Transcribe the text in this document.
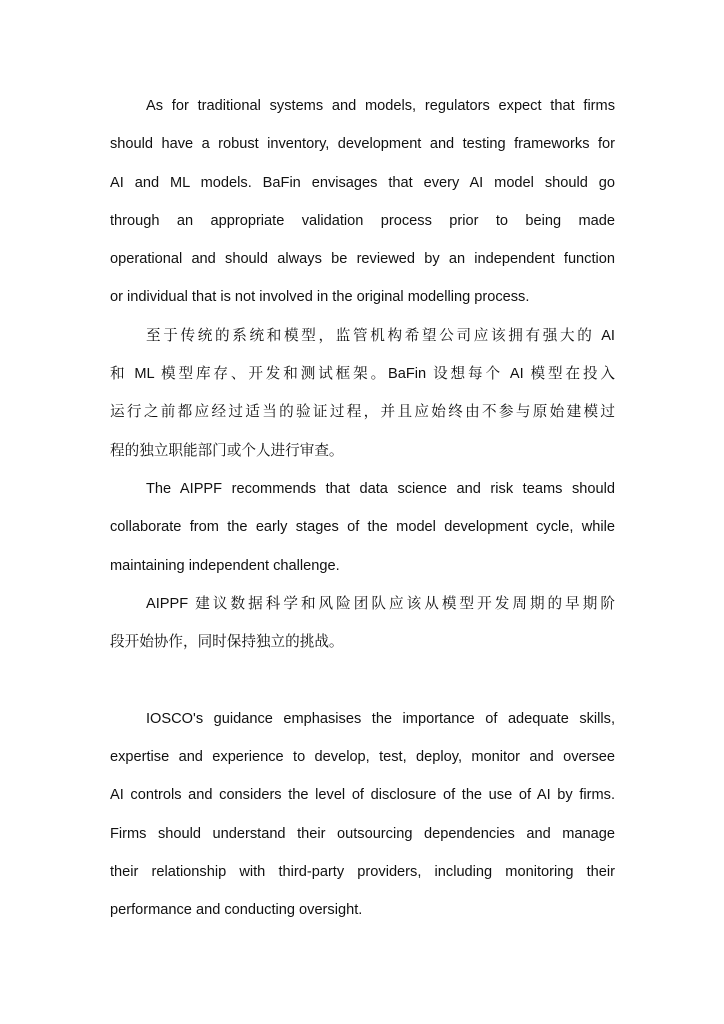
As for traditional systems and models, regulators expect that firms
should have a robust inventory, development and testing frameworks for
AI and ML models. BaFin envisages that every AI model should go
through an appropriate validation process prior to being made
operational and should always be reviewed by an independent function
or individual that is not involved in the original modelling process.
至于传统的系统和模型，监管机构希望公司应该拥有强大的 AI
和 ML 模型库存、开发和测试框架。BaFin 设想每个 AI 模型在投入
运行之前都应经过适当的验证过程，并且应始终由不参与原始建模过
程的独立职能部门或个人进行审查。
The AIPPF recommends that data science and risk teams should
collaborate from the early stages of the model development cycle, while
maintaining independent challenge.
AIPPF 建议数据科学和风险团队应该从模型开发周期的早期阶
段开始协作，同时保持独立的挑战。
IOSCO's guidance emphasises the importance of adequate skills,
expertise and experience to develop, test, deploy, monitor and oversee
AI controls and considers the level of disclosure of the use of AI by firms.
Firms should understand their outsourcing dependencies and manage
their relationship with third-party providers, including monitoring their
performance and conducting oversight.
